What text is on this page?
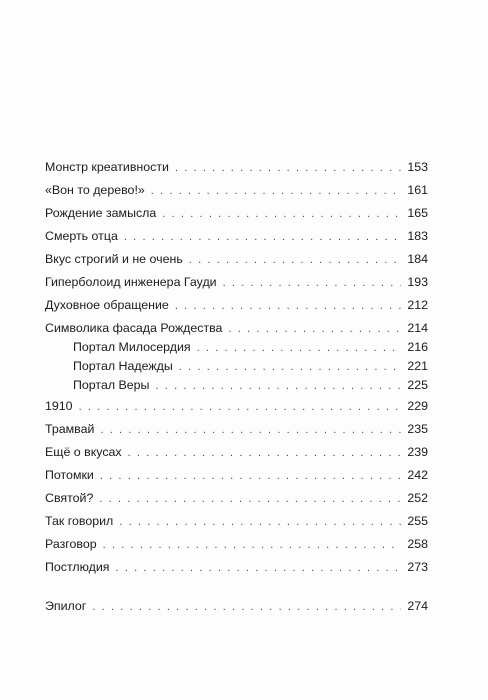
Монстр креативности . . .	153
«Вон то дерево!» . . .	161
Рождение замысла . . .	165
Смерть отца . . .	183
Вкус строгий и не очень . . .	184
Гиперболоид инженера Гауди . . .	193
Духовное обращение . . .	212
Символика фасада Рождества . . .	214
Портал Милосердия . . .	216
Портал Надежды . . .	221
Портал Веры . . .	225
1910 . . .	229
Трамвай . . .	235
Ещё о вкусах . . .	239
Потомки . . .	242
Святой? . . .	252
Так говорил . . .	255
Разговор . . .	258
Постлюдия . . .	273
Эпилог . . .	274
